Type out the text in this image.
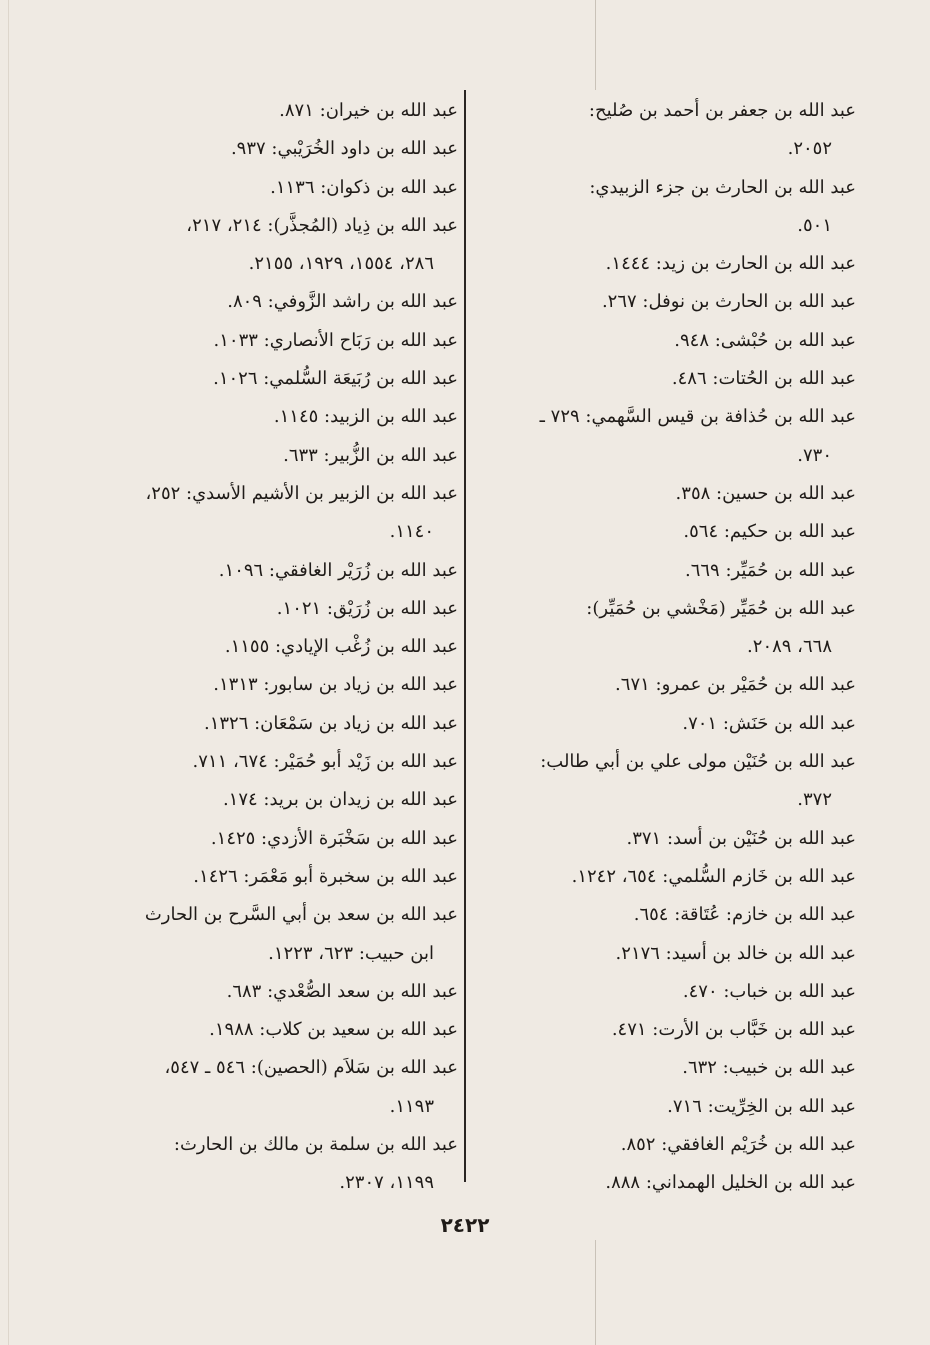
عبد الله بن جعفر بن أحمد بن صُليح:
٢٠٥٢.
عبد الله بن الحارث بن جزء الزبيدي:
٥٠١.
عبد الله بن الحارث بن زيد: ١٤٤٤.
عبد الله بن الحارث بن نوفل: ٢٦٧.
عبد الله بن حُبْشى: ٩٤٨.
عبد الله بن الحُتات: ٤٨٦.
عبد الله بن حُذافة بن قيس السَّهمي: ٧٢٩ ـ
٧٣٠.
عبد الله بن حسين: ٣٥٨.
عبد الله بن حكيم: ٥٦٤.
عبد الله بن حُمَيِّر: ٦٦٩.
عبد الله بن حُمَيِّر (مَخْشي بن حُمَيِّر):
٦٦٨، ٢٠٨٩.
عبد الله بن حُمَيْر بن عمرو: ٦٧١.
عبد الله بن حَنَش: ٧٠١.
عبد الله بن حُنَيْن مولى علي بن أبي طالب:
٣٧٢.
عبد الله بن حُنَيْن بن أسد: ٣٧١.
عبد الله بن خَازم السُّلمي: ٦٥٤، ١٢٤٢.
عبد الله بن خازم: عُتَاقة: ٦٥٤.
عبد الله بن خالد بن أسيد: ٢١٧٦.
عبد الله بن خباب: ٤٧٠.
عبد الله بن خَبَّاب بن الأرت: ٤٧١.
عبد الله بن خبيب: ٦٣٢.
عبد الله بن الخِرِّيت: ٧١٦.
عبد الله بن خُرَيْم الغافقي: ٨٥٢.
عبد الله بن الخليل الهمداني: ٨٨٨.
عبد الله بن خيران: ٨٧١.
عبد الله بن داود الخُرَيْبي: ٩٣٧.
عبد الله بن ذكوان: ١١٣٦.
عبد الله بن ذِياد (المُجذَّر): ٢١٤، ٢١٧،
٢٨٦، ١٥٥٤، ١٩٢٩، ٢١٥٥.
عبد الله بن راشد الزَّوفي: ٨٠٩.
عبد الله بن رَبَاح الأنصاري: ١٠٣٣.
عبد الله بن رُبَيعَة السُّلمي: ١٠٢٦.
عبد الله بن الزبيد: ١١٤٥.
عبد الله بن الزُّبير: ٦٣٣.
عبد الله بن الزبير بن الأشيم الأسدي: ٢٥٢،
١١٤٠.
عبد الله بن زُرَيْر الغافقي: ١٠٩٦.
عبد الله بن زُرَيْق: ١٠٢١.
عبد الله بن زُغْب الإيادي: ١١٥٥.
عبد الله بن زياد بن سابور: ١٣١٣.
عبد الله بن زياد بن سَمْعَان: ١٣٢٦.
عبد الله بن زَيْد أبو حُمَيْر: ٦٧٤، ٧١١.
عبد الله بن زيدان بن بريد: ١٧٤.
عبد الله بن سَخْبَرة الأزدي: ١٤٢٥.
عبد الله بن سخبرة أبو مَعْمَر: ١٤٢٦.
عبد الله بن سعد بن أبي السَّرح بن الحارث
ابن حبيب: ٦٢٣، ١٢٢٣.
عبد الله بن سعد الصُّعْدي: ٦٨٣.
عبد الله بن سعيد بن كلاب: ١٩٨٨.
عبد الله بن سَلاَم (الحصين): ٥٤٦ ـ ٥٤٧،
١١٩٣.
عبد الله بن سلمة بن مالك بن الحارث:
١١٩٩، ٢٣٠٧.
٢٤٢٢
